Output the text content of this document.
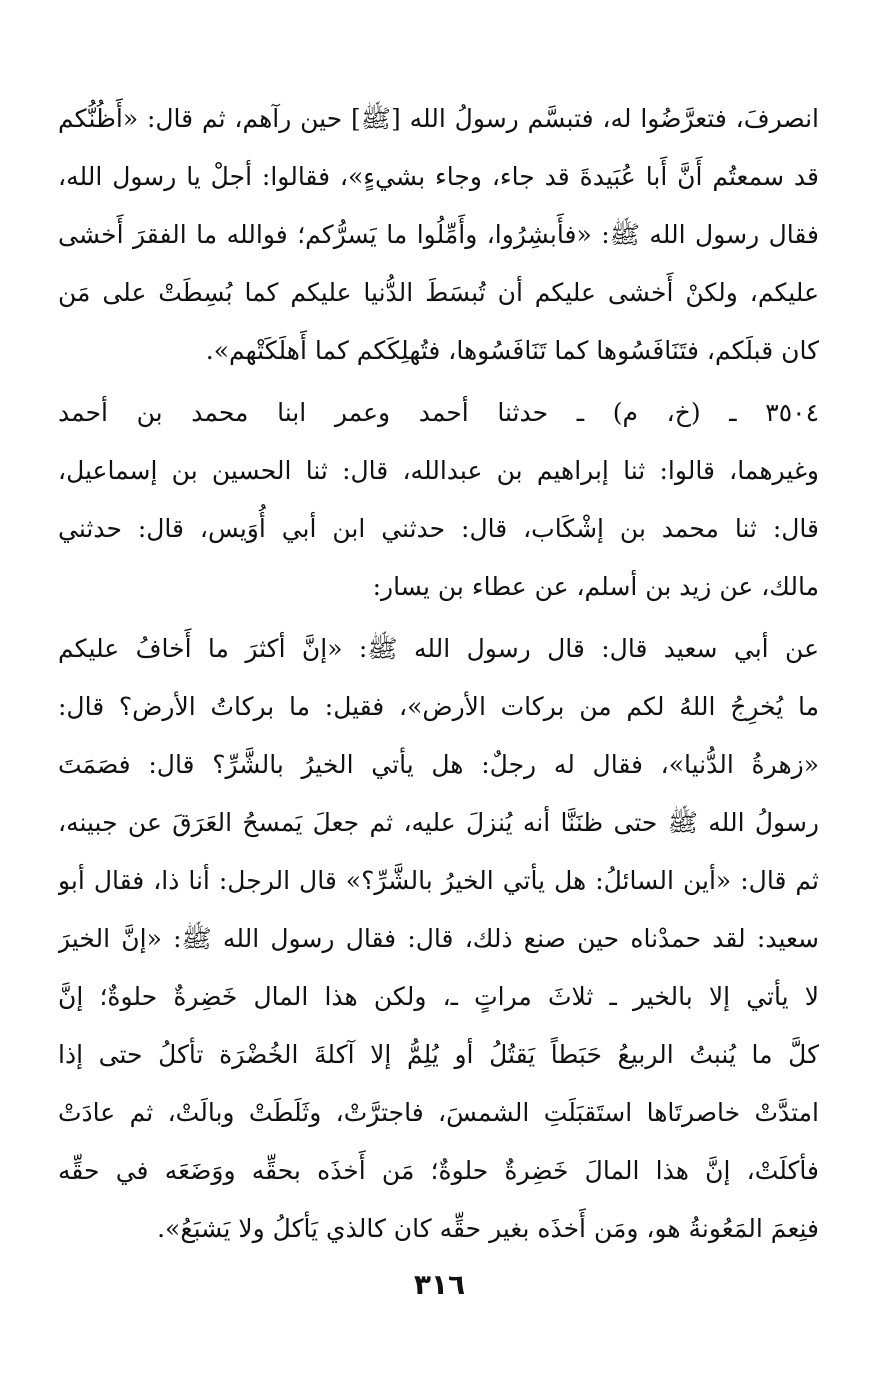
انصرفَ، فتعرَّضُوا له، فتبسَّم رسولُ الله [ﷺ] حين رآهم، ثم قال: «أَظُنُّكم
قد سمعتُم أَنَّ أَبا عُبَيدةَ قد جاء، وجاء بشيءٍ»، فقالوا: أجلْ يا رسول الله،
فقال رسول الله ﷺ: «فأَبشِرُوا، وأَمِّلُوا ما يَسرُّكم؛ فوالله ما الفقرَ أَخشى
عليكم، ولكنْ أَخشى عليكم أن تُبسَطَ الدُّنيا عليكم كما بُسِطَتْ على مَن
كان قبلَكم، فتَنَافَسُوها كما تَنَافَسُوها، فتُهلِكَكم كما أَهلَكَتْهم».
٣٥٠٤ ـ (خ، م) ـ حدثنا أحمد وعمر ابنا محمد بن أحمد
وغيرهما، قالوا: ثنا إبراهيم بن عبدالله، قال: ثنا الحسين بن إسماعيل،
قال: ثنا محمد بن إشْكَاب، قال: حدثني ابن أبي أُوَيس، قال: حدثني
مالك، عن زيد بن أسلم، عن عطاء بن يسار:
عن أبي سعيد قال: قال رسول الله ﷺ: «إنَّ أكثرَ ما أَخافُ عليكم
ما يُخرِجُ اللهُ لكم من بركات الأرض»، فقيل: ما بركاتُ الأرض؟ قال:
«زهرةُ الدُّنيا»، فقال له رجلٌ: هل يأتي الخيرُ بالشَّرِّ؟ قال: فصَمَتَ
رسولُ الله ﷺ حتى ظنَنَّا أنه يُنزلَ عليه، ثم جعلَ يَمسحُ العَرَقَ عن جبينه،
ثم قال: «أين السائلُ: هل يأتي الخيرُ بالشَّرِّ؟» قال الرجل: أنا ذا، فقال أبو
سعيد: لقد حمدْناه حين صنع ذلك، قال: فقال رسول الله ﷺ: «إنَّ الخيرَ
لا يأتي إلا بالخير ـ ثلاثَ مراتٍ ـ، ولكن هذا المال خَضِرةٌ حلوةٌ؛ إنَّ
كلَّ ما يُنبتُ الربيعُ حَبَطاً يَقتُلُ أو يُلِمُّ إلا آكلةَ الخُضْرَة تأكلُ حتى إذا
امتدَّتْ خاصرتَاها استَقبَلَتِ الشمسَ، فاجترَّتْ، وثَلَطَتْ وبالَتْ، ثم عادَتْ
فأكلَتْ، إنَّ هذا المالَ خَضِرةٌ حلوةٌ؛ مَن أَخذَه بحقِّه ووَضَعَه في حقِّه
فنِعمَ المَعُونةُ هو، ومَن أَخذَه بغير حقِّه كان كالذي يَأكلُ ولا يَشبَعُ».
٣١٦
